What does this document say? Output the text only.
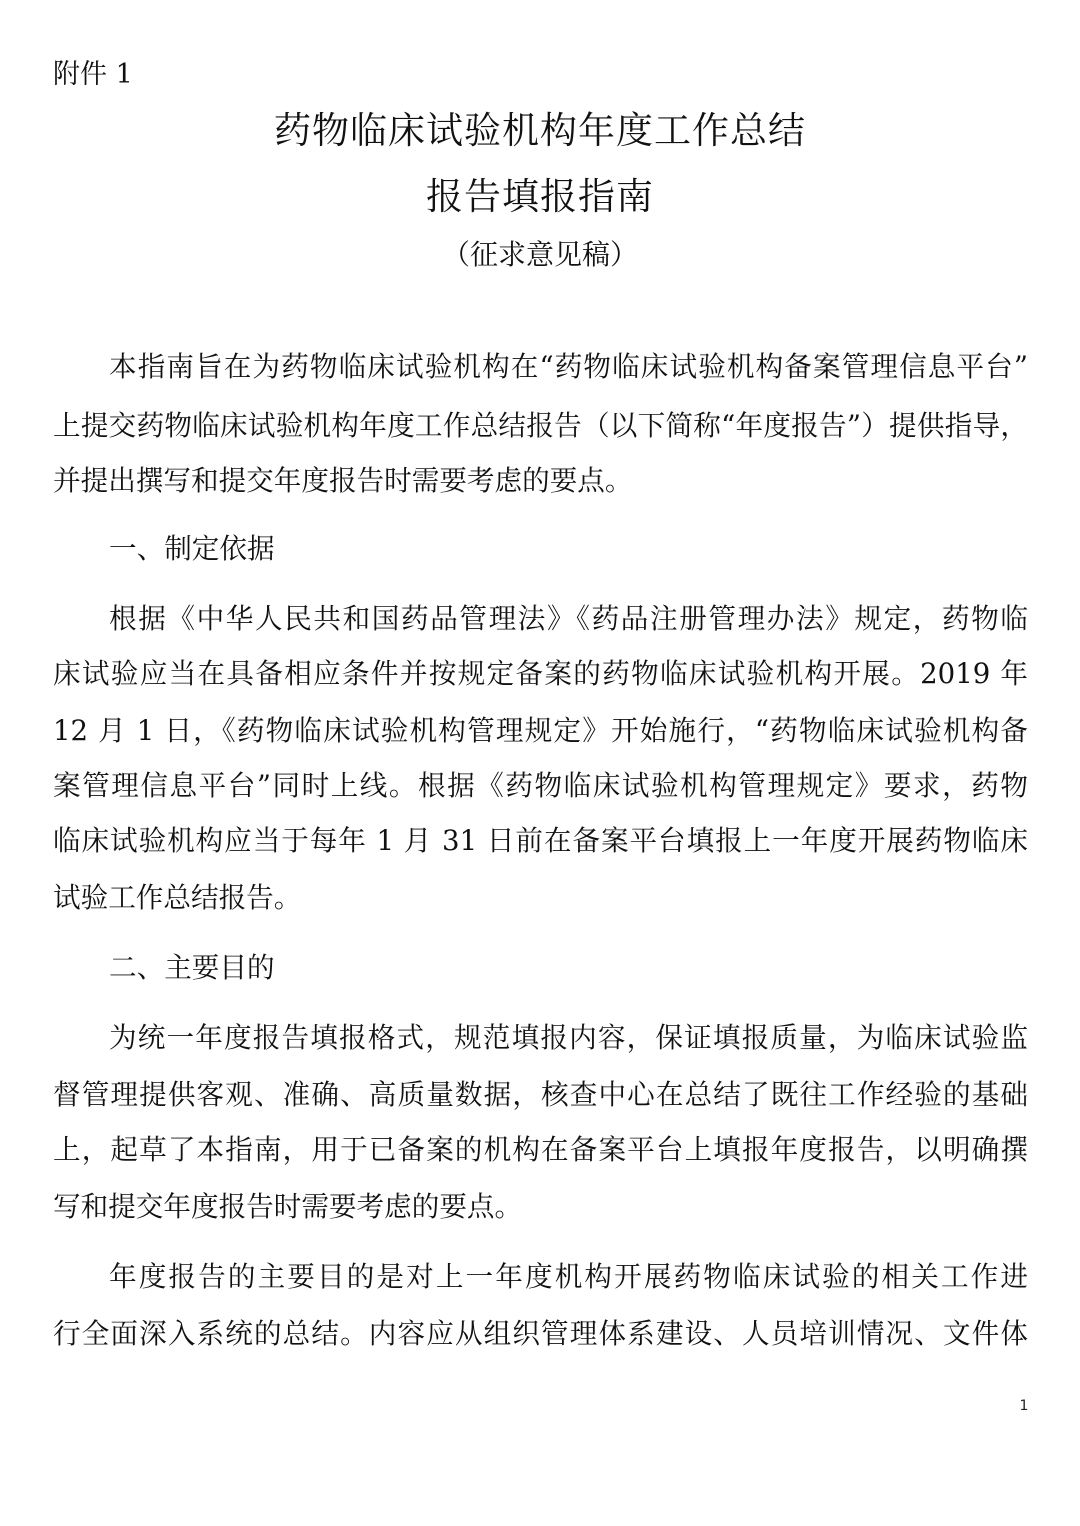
附件 1
药物临床试验机构年度工作总结
报告填报指南
（征求意见稿）
本指南旨在为药物临床试验机构在“药物临床试验机构备案管理信息平台”
上提交药物临床试验机构年度工作总结报告（以下简称“年度报告”）提供指导，
并提出撰写和提交年度报告时需要考虑的要点。
一、制定依据
根据《中华人民共和国药品管理法》《药品注册管理办法》规定，药物临
床试验应当在具备相应条件并按规定备案的药物临床试验机构开展。2019 年
12 月 1 日，《药物临床试验机构管理规定》开始施行，“药物临床试验机构备
案管理信息平台”同时上线。根据《药物临床试验机构管理规定》要求，药物
临床试验机构应当于每年 1 月 31 日前在备案平台填报上一年度开展药物临床
试验工作总结报告。
二、主要目的
为统一年度报告填报格式，规范填报内容，保证填报质量，为临床试验监
督管理提供客观、准确、高质量数据，核查中心在总结了既往工作经验的基础
上，起草了本指南，用于已备案的机构在备案平台上填报年度报告，以明确撰
写和提交年度报告时需要考虑的要点。
年度报告的主要目的是对上一年度机构开展药物临床试验的相关工作进
行全面深入系统的总结。内容应从组织管理体系建设、人员培训情况、文件体
1
